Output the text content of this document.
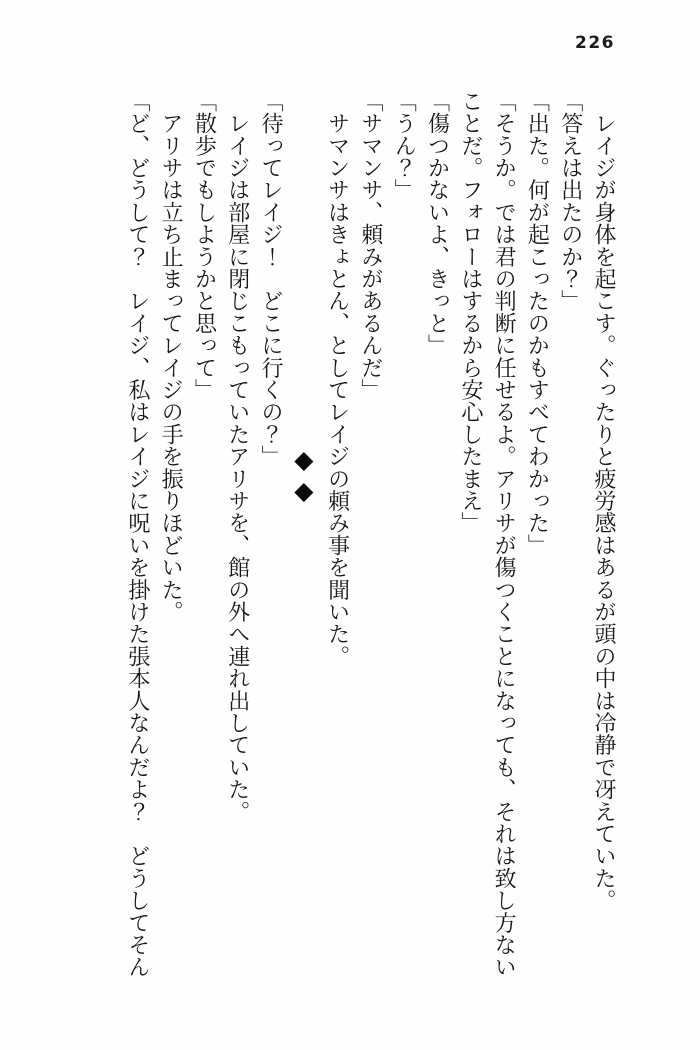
226

　レイジが身体を起こす。ぐったりと疲労感はあるが頭の中は冷静で冴えていた。

「答えは出たのか？」

「出た。何が起こったのかもすべてわかった」

「そうか。では君の判断に任せるよ。アリサが傷つくことになっても、それは致し方ないことだ。フォローはするから安心したまえ」

「傷つかないよ、きっと」

「うん？」

「サマンサ、頼みがあるんだ」

　サマンサはきょとん、としてレイジの頼み事を聞いた。

◆◆

「待ってレイジ！　どこに行くの？」

　レイジは部屋に閉じこもっていたアリサを、館の外へ連れ出していた。

「散歩でもしようかと思って」

　アリサは立ち止まってレイジの手を振りほどいた。

「ど、どうして？　レイジ、私はレイジに呪いを掛けた張本人なんだよ？　どうしてそん
